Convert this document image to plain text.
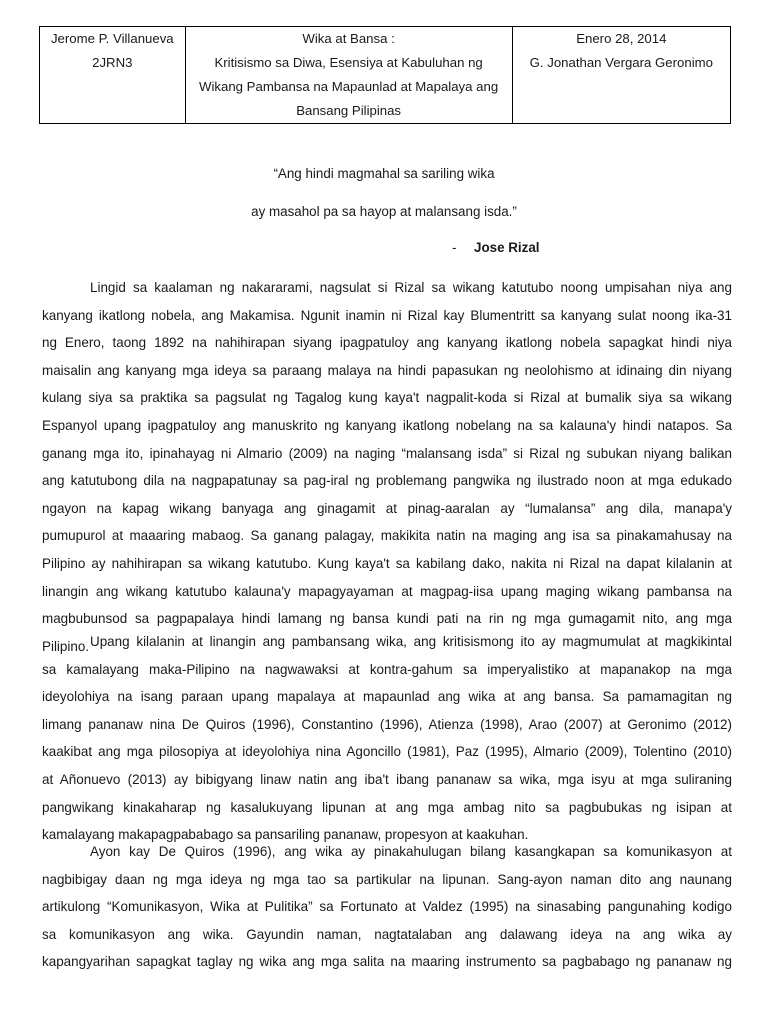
Jerome P. Villanueva
2JRN3

Wika at Bansa :
Kritisismo sa Diwa, Esensiya at Kabuluhan ng
Wikang Pambansa na Mapaunlad at Mapalaya ang
Bansang Pilipinas

Enero 28, 2014
G. Jonathan Vergara Geronimo
“Ang hindi magmahal sa sariling wika
ay masahol pa sa hayop at malansang isda.”
- Jose Rizal
Lingid sa kaalaman ng nakararami, nagsulat si Rizal sa wikang katutubo noong umpisahan niya ang
kanyang ikatlong nobela, ang Makamisa. Ngunit inamin ni Rizal kay Blumentritt sa kanyang sulat noong ika-31
ng Enero, taong 1892 na nahihirapan siyang ipagpatuloy ang kanyang ikatlong nobela sapagkat hindi niya
maisalin ang kanyang mga ideya sa paraang malaya na hindi papasukan ng neolohismo at idinaing din niyang
kulang siya sa praktika sa pagsulat ng Tagalog kung kaya't nagpalit-koda si Rizal at bumalik siya sa wikang
Espanyol upang ipagpatuloy ang manuskrito ng kanyang ikatlong nobelang na sa kalauna'y hindi natapos. Sa
ganang mga ito, ipinahayag ni Almario (2009) na naging “malansang isda” si Rizal ng subukan niyang balikan
ang katutubong dila na nagpapatunay sa pag-iral ng problemang pangwika ng ilustrado noon at mga edukado
ngayon na kapag wikang banyaga ang ginagamit at pinag-aaralan ay “lumalansa” ang dila, manapa'y
pumupurol at maaaring mabaog. Sa ganang palagay, makikita natin na maging ang isa sa pinakamahusay na
Pilipino ay nahihirapan sa wikang katutubo. Kung kaya't sa kabilang dako, nakita ni Rizal na dapat kilalanin at
linangin ang wikang katutubo kalauna'y mapagyayaman at magpag-iisa upang maging wikang pambansa na
magbubunsod sa pagpapalaya hindi lamang ng bansa kundi pati na rin ng mga gumagamit nito, ang mga
Pilipino. Upang kilalanin at linangin ang pambansang wika, ang kritisismong ito ay magmumulat at magkikintal
sa kamalayang maka-Pilipino na nagwawaksi at kontra-gahum sa imperyalistiko at mapanakop na mga
ideyolohiya na isang paraan upang mapalaya at mapaunlad ang wika at ang bansa. Sa pamamagitan ng
limang pananaw nina De Quiros (1996), Constantino (1996), Atienza (1998), Arao (2007) at Geronimo (2012)
kaakibat ang mga pilosopiya at ideyolohiya nina Agoncillo (1981), Paz (1995), Almario (2009), Tolentino (2010)
at Añonuevo (2013) ay bibigyang linaw natin ang iba't ibang pananaw sa wika, mga isyu at mga suliraning
pangwikang kinakaharap ng kasalukuyang lipunan at ang mga ambag nito sa pagbubukas ng isipan at
kamalayang makapagpababago sa pansariling pananaw, propesyon at kaakuhan.
Ayon kay De Quiros (1996), ang wika ay pinakahulugan bilang kasangkapan sa komunikasyon at
nagbibigay daan ng mga ideya ng mga tao sa partikular na lipunan. Sang-ayon naman dito ang naunang
artikulong “Komunikasyon, Wika at Pulitika” sa Fortunato at Valdez (1995) na sinasabing pangunahing kodigo
sa komunikasyon ang wika. Gayundin naman, nagtatalaban ang dalawang ideya na ang wika ay
kapangyarihan sapagkat taglay ng wika ang mga salita na maaring instrumento sa pagbabago ng pananaw ng
